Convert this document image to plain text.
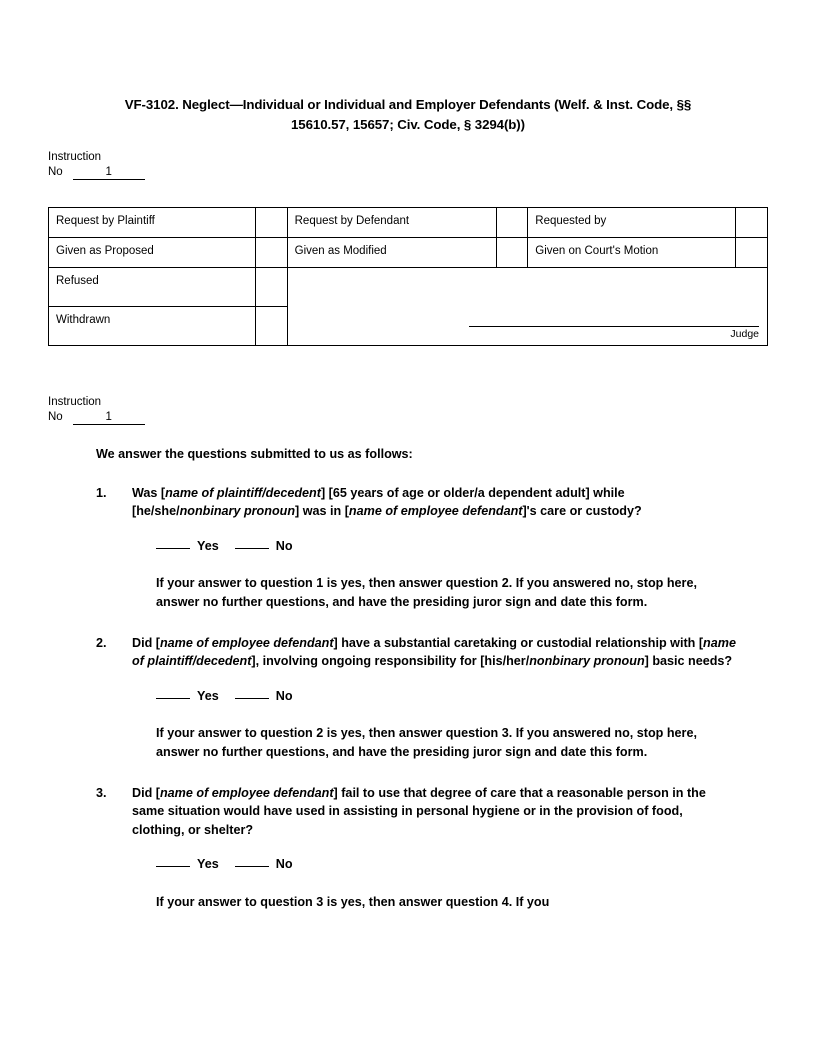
VF-3102. Neglect—Individual or Individual and Employer Defendants (Welf. & Inst. Code, §§ 15610.57, 15657; Civ. Code, § 3294(b))
Instruction
No	1
Request by Plaintiff		Request by Defendant		Requested by	
Given as Proposed		Given as Modified		Given on Court's Motion	
Refused		Judge			

Withdrawn					
Instruction
No	1

We answer the questions submitted to us as follows:

1.	Was [name of plaintiff/decedent] [65 years of age or older/a dependent adult] while [he/she/nonbinary pronoun] was in [name of employee defendant]'s care or custody?
Yes	No
If your answer to question 1 is yes, then answer question 2. If you answered no, stop here, answer no further questions, and have the presiding juror sign and date this form.
2.	Did [name of employee defendant] have a substantial caretaking or custodial relationship with [name of plaintiff/decedent], involving ongoing responsibility for [his/her/nonbinary pronoun] basic needs?
Yes	No
If your answer to question 2 is yes, then answer question 3. If you answered no, stop here, answer no further questions, and have the presiding juror sign and date this form.
3.	Did [name of employee defendant] fail to use that degree of care that a reasonable person in the same situation would have used in assisting in personal hygiene or in the provision of food, clothing, or shelter?
Yes	No
If your answer to question 3 is yes, then answer question 4. If you
